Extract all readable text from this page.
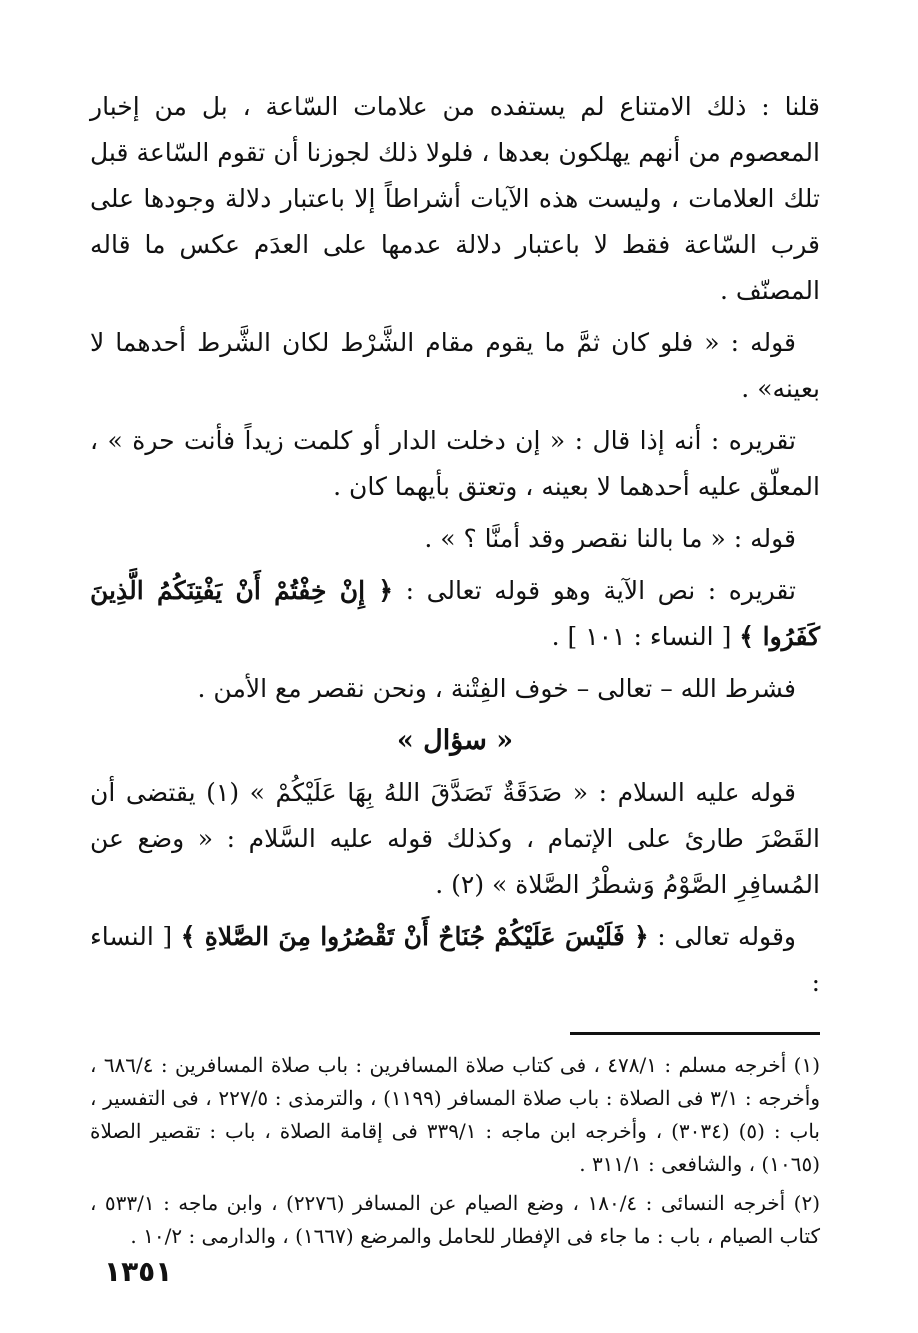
قلنا : ذلك الامتناع لم يستفده من علامات السّاعة ، بل من إخبار المعصوم من أنهم يهلكون بعدها ، فلولا ذلك لجوزنا أن تقوم السّاعة قبل تلك العلامات ، وليست هذه الآيات أشراطاً إلا باعتبار دلالة وجودها على قرب السّاعة فقط لا باعتبار دلالة عدمها على العدَم عكس ما قاله المصنّف .

قوله : « فلو كان ثمَّ ما يقوم مقام الشَّرْط لكان الشَّرط أحدهما لا بعينه» .

تقريره : أنه إذا قال : « إن دخلت الدار أو كلمت زيداً فأنت حرة » ، المعلّق عليه أحدهما لا بعينه ، وتعتق بأيهما كان .

قوله : « ما بالنا نقصر وقد أمنَّا ؟ » .

تقريره : نص الآية وهو قوله تعالى : ﴿ إِنْ خِفْتُمْ أَنْ يَفْتِنَكُمُ الَّذِينَ كَفَرُوا ﴾ [ النساء : ١٠١ ] .

فشرط الله – تعالى – خوف الفِتْنة ، ونحن نقصر مع الأمن .

« سؤال »

قوله عليه السلام : « صَدَقَةٌ تَصَدَّقَ اللهُ بِهَا عَلَيْكُمْ » (١) يقتضى أن القَصْرَ طارئ على الإتمام ، وكذلك قوله عليه السَّلام : « وضع عن المُسافِرِ الصَّوْمُ وَشطْرُ الصَّلاة » (٢) .

وقوله تعالى : ﴿ فَلَيْسَ عَلَيْكُمْ جُنَاحٌ أَنْ تَقْصُرُوا مِنَ الصَّلاةِ ﴾ [ النساء :

(١) أخرجه مسلم : ٤٧٨/١ ، فى كتاب صلاة المسافرين : باب صلاة المسافرين : ٦٨٦/٤ ، وأخرجه : ٣/١ فى الصلاة : باب صلاة المسافر (١١٩٩) ، والترمذى : ٢٢٧/٥ ، فى التفسير ، باب : (٥) (٣٠٣٤) ، وأخرجه ابن ماجه : ٣٣٩/١ فى إقامة الصلاة ، باب : تقصير الصلاة (١٠٦٥) ، والشافعى : ٣١١/١ .

(٢) أخرجه النسائى : ١٨٠/٤ ، وضع الصيام عن المسافر (٢٢٧٦) ، وابن ماجه : ٥٣٣/١ ، كتاب الصيام ، باب : ما جاء فى الإفطار للحامل والمرضع (١٦٦٧) ، والدارمى : ١٠/٢ .

١٣٥١
